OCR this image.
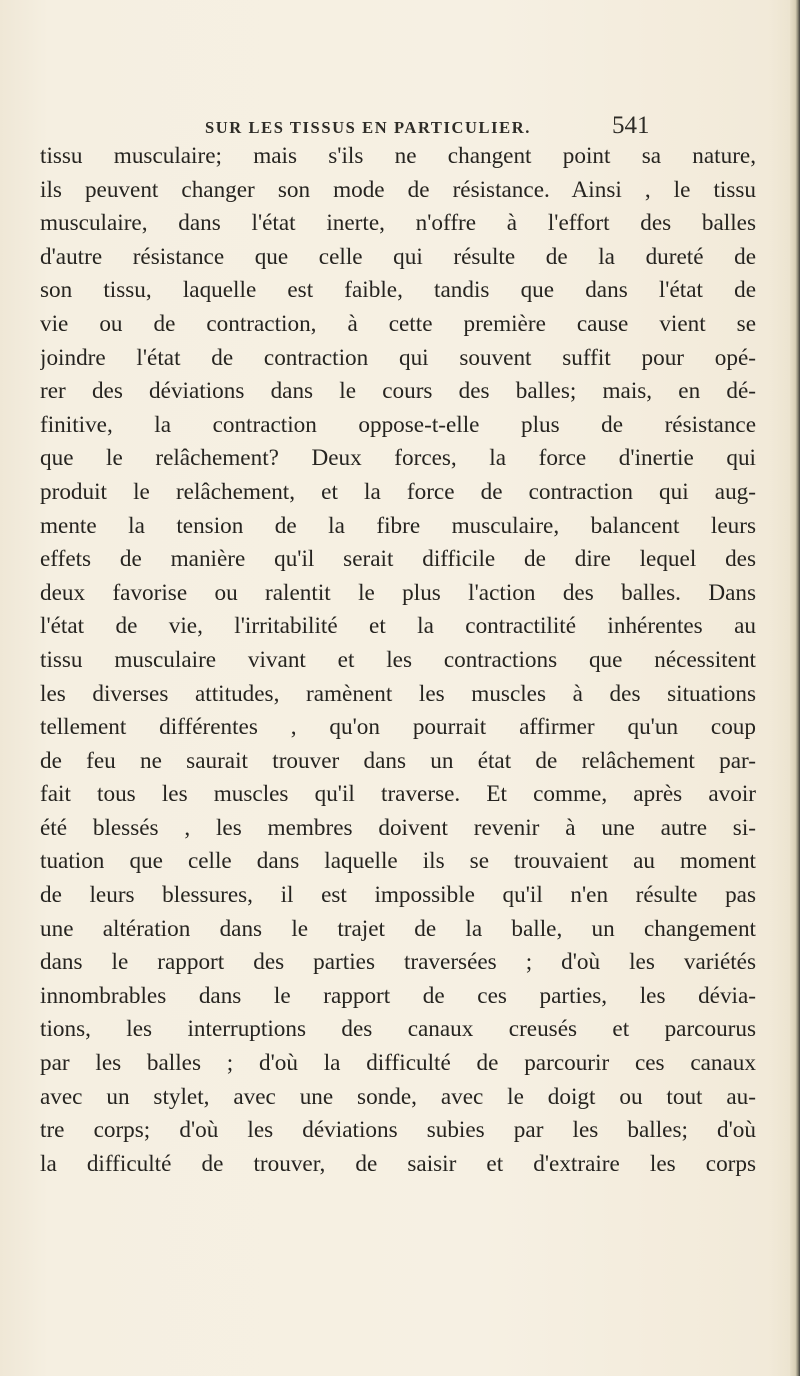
SUR LES TISSUS EN PARTICULIER.	541
tissu musculaire; mais s'ils ne changent point sa nature,
ils peuvent changer son mode de résistance. Ainsi , le tissu
musculaire, dans l'état inerte, n'offre à l'effort des balles
d'autre résistance que celle qui résulte de la dureté de
son tissu, laquelle est faible, tandis que dans l'état de
vie ou de contraction, à cette première cause vient se
joindre l'état de contraction qui souvent suffit pour opé-
rer des déviations dans le cours des balles; mais, en dé-
finitive, la contraction oppose-t-elle plus de résistance
que le relâchement? Deux forces, la force d'inertie qui
produit le relâchement, et la force de contraction qui aug-
mente la tension de la fibre musculaire, balancent leurs
effets de manière qu'il serait difficile de dire lequel des
deux favorise ou ralentit le plus l'action des balles. Dans
l'état de vie, l'irritabilité et la contractilité inhérentes au
tissu musculaire vivant et les contractions que nécessitent
les diverses attitudes, ramènent les muscles à des situations
tellement différentes , qu'on pourrait affirmer qu'un coup
de feu ne saurait trouver dans un état de relâchement par-
fait tous les muscles qu'il traverse. Et comme, après avoir
été blessés , les membres doivent revenir à une autre si-
tuation que celle dans laquelle ils se trouvaient au moment
de leurs blessures, il est impossible qu'il n'en résulte pas
une altération dans le trajet de la balle, un changement
dans le rapport des parties traversées ; d'où les variétés
innombrables dans le rapport de ces parties, les dévia-
tions, les interruptions des canaux creusés et parcourus
par les balles ; d'où la difficulté de parcourir ces canaux
avec un stylet, avec une sonde, avec le doigt ou tout au-
tre corps; d'où les déviations subies par les balles; d'où
la difficulté de trouver, de saisir et d'extraire les corps
